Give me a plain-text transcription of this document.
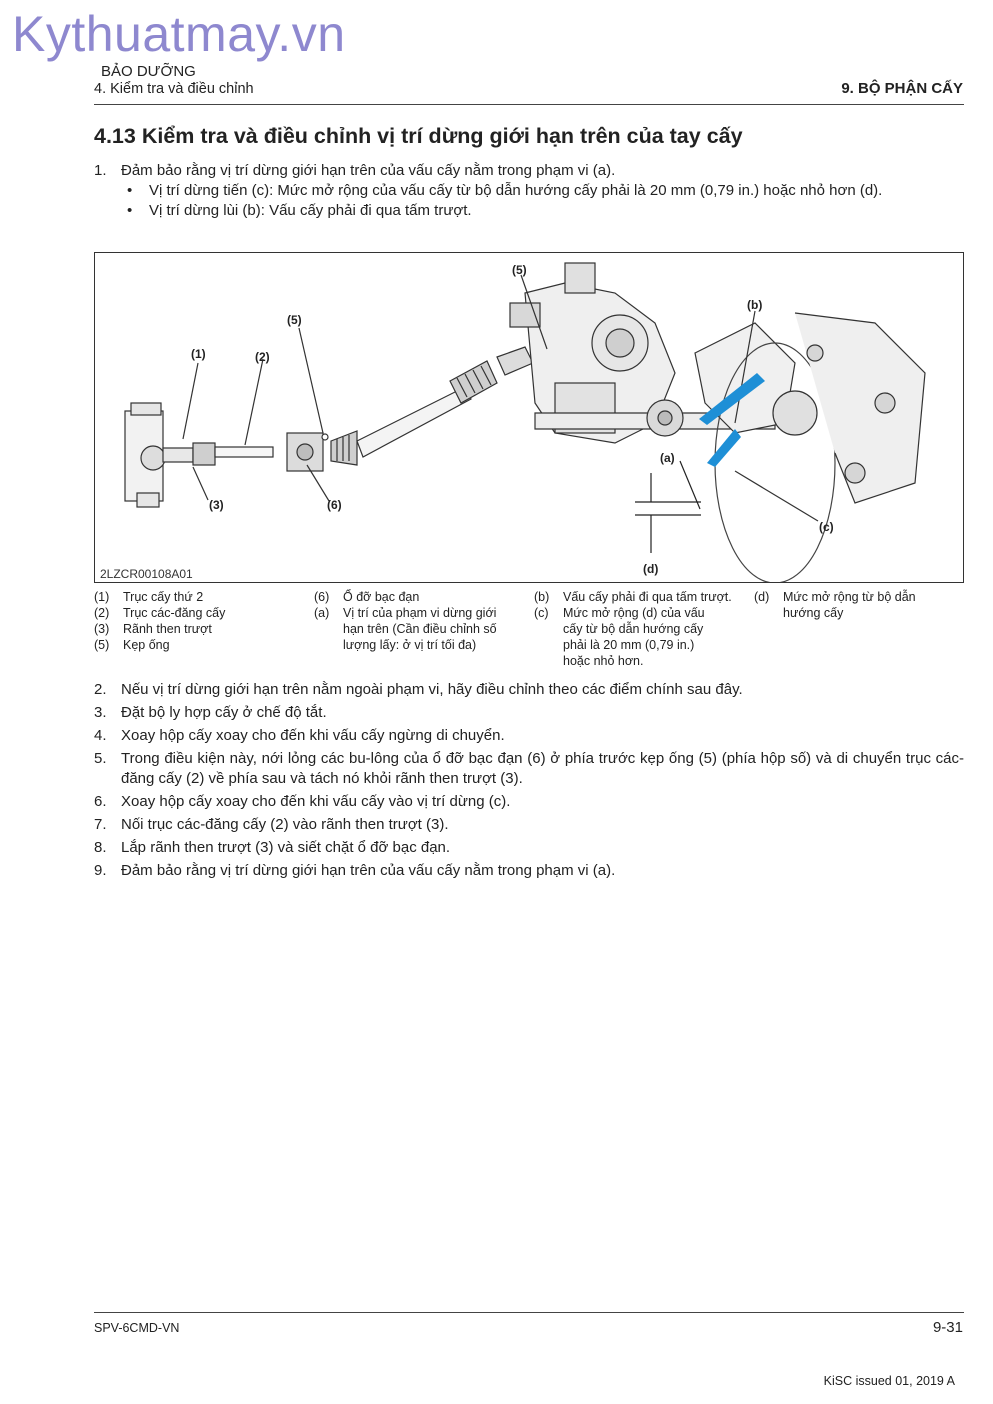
Kythuatmay.vn
BẢO DƯỠNG
4. Kiểm tra và điều chỉnh	9. BỘ PHẬN CẤY
4.13 Kiểm tra và điều chỉnh vị trí dừng giới hạn trên của tay cấy
1. Đảm bảo rằng vị trí dừng giới hạn trên của vấu cấy nằm trong phạm vi (a).
• Vị trí dừng tiến (c): Mức mở rộng của vấu cấy từ bộ dẫn hướng cấy phải là 20 mm (0,79 in.) hoặc nhỏ hơn (d).
• Vị trí dừng lùi (b): Vấu cấy phải đi qua tấm trượt.
(1)	(2)
(3)
(5)
(6)
(5)
(a)
(b)
(c)
(d)
2LZCR00108A01
(1) Trục cấy thứ 2
(2) Trục các-đăng cấy
(3) Rãnh then trượt
(5) Kẹp ống
(6) Ổ đỡ bạc đạn
(a) Vị trí của phạm vi dừng giới hạn trên (Cần điều chỉnh số lượng lấy: ở vị trí tối đa)
(b) Vấu cấy phải đi qua tấm trượt.
(c) Mức mở rộng (d) của vấu cấy từ bộ dẫn hướng cấy phải là 20 mm (0,79 in.) hoặc nhỏ hơn.
(d) Mức mở rộng từ bộ dẫn hướng cấy
2. Nếu vị trí dừng giới hạn trên nằm ngoài phạm vi, hãy điều chỉnh theo các điểm chính sau đây.
3. Đặt bộ ly hợp cấy ở chế độ tắt.
4. Xoay hộp cấy xoay cho đến khi vấu cấy ngừng di chuyển.
5. Trong điều kiện này, nới lỏng các bu-lông của ổ đỡ bạc đạn (6) ở phía trước kẹp ống (5) (phía hộp số) và di chuyển trục các-đăng cấy (2) về phía sau và tách nó khỏi rãnh then trượt (3).
6. Xoay hộp cấy xoay cho đến khi vấu cấy vào vị trí dừng (c).
7. Nối trục các-đăng cấy (2) vào rãnh then trượt (3).
8. Lắp rãnh then trượt (3) và siết chặt ổ đỡ bạc đạn.
9. Đảm bảo rằng vị trí dừng giới hạn trên của vấu cấy nằm trong phạm vi (a).
SPV-6CMD-VN	9-31
KiSC issued 01, 2019 A
